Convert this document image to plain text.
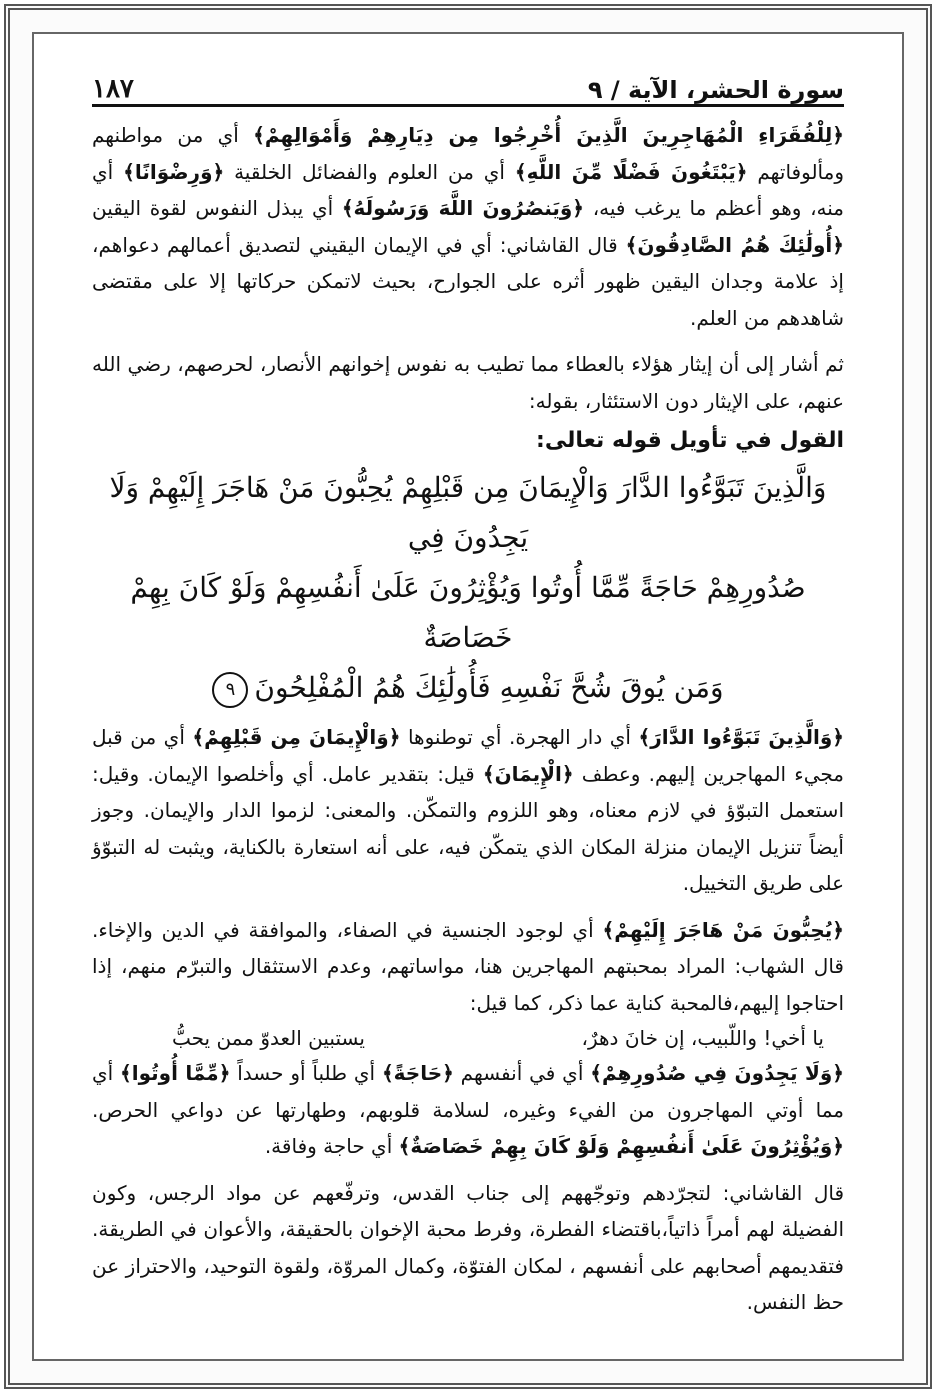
سورة الحشر، الآية / ٩
١٨٧

﴿لِلْفُقَرَاءِ الْمُهَاجِرِينَ الَّذِينَ أُخْرِجُوا مِن دِيَارِهِمْ وَأَمْوَالِهِمْ﴾ أي من مواطنهم ومألوفاتهم ﴿يَبْتَغُونَ فَضْلًا مِّنَ اللَّهِ﴾ أي من العلوم والفضائل الخلقية ﴿وَرِضْوَانًا﴾ أي منه، وهو أعظم ما يرغب فيه، ﴿وَيَنصُرُونَ اللَّهَ وَرَسُولَهُ﴾ أي يبذل النفوس لقوة اليقين ﴿أُولَٰئِكَ هُمُ الصَّادِقُونَ﴾ قال القاشاني: أي في الإيمان اليقيني لتصديق أعمالهم دعواهم، إذ علامة وجدان اليقين ظهور أثره على الجوارح، بحيث لاتمكن حركاتها إلا على مقتضى شاهدهم من العلم.

ثم أشار إلى أن إيثار هؤلاء بالعطاء مما تطيب به نفوس إخوانهم الأنصار، لحرصهم، رضي الله عنهم، على الإيثار دون الاستئثار، بقوله:

القول في تأويل قوله تعالى:
وَالَّذِينَ تَبَوَّءُوا الدَّارَ وَالْإِيمَانَ مِن قَبْلِهِمْ يُحِبُّونَ مَنْ هَاجَرَ إِلَيْهِمْ وَلَا يَجِدُونَ فِي
صُدُورِهِمْ حَاجَةً مِّمَّا أُوتُوا وَيُؤْثِرُونَ عَلَىٰ أَنفُسِهِمْ وَلَوْ كَانَ بِهِمْ خَصَاصَةٌ
وَمَن يُوقَ شُحَّ نَفْسِهِ فَأُولَٰئِكَ هُمُ الْمُفْلِحُونَ٩

﴿وَالَّذِينَ تَبَوَّءُوا الدَّارَ﴾ أي دار الهجرة. أي توطنوها ﴿وَالْإِيمَانَ مِن قَبْلِهِمْ﴾ أي من قبل مجيء المهاجرين إليهم. وعطف ﴿الْإِيمَانَ﴾ قيل: بتقدير عامل. أي وأخلصوا الإيمان. وقيل: استعمل التبوّؤ في لازم معناه، وهو اللزوم والتمكّن. والمعنى: لزموا الدار والإيمان. وجوز أيضاً تنزيل الإيمان منزلة المكان الذي يتمكّن فيه، على أنه استعارة بالكناية، ويثبت له التبوّؤ على طريق التخييل.

﴿يُحِبُّونَ مَنْ هَاجَرَ إِلَيْهِمْ﴾ أي لوجود الجنسية في الصفاء، والموافقة في الدين والإخاء. قال الشهاب: المراد بمحبتهم المهاجرين هنا، مواساتهم، وعدم الاستثقال والتبرّم منهم، إذا احتاجوا إليهم،فالمحبة كناية عما ذكر، كما قيل:

يا أخي! واللّبيب، إن خانَ دهرٌ،
يستبين العدوّ ممن يحبُّ

﴿وَلَا يَجِدُونَ فِي صُدُورِهِمْ﴾ أي في أنفسهم ﴿حَاجَةً﴾ أي طلباً أو حسداً ﴿مِّمَّا أُوتُوا﴾ أي مما أوتي المهاجرون من الفيء وغيره، لسلامة قلوبهم، وطهارتها عن دواعي الحرص. ﴿وَيُؤْثِرُونَ عَلَىٰ أَنفُسِهِمْ وَلَوْ كَانَ بِهِمْ خَصَاصَةٌ﴾ أي حاجة وفاقة.

قال القاشاني: لتجرّدهم وتوجّههم إلى جناب القدس، وترفّعهم عن مواد الرجس، وكون الفضيلة لهم أمراً ذاتياً،باقتضاء الفطرة، وفرط محبة الإخوان بالحقيقة، والأعوان في الطريقة. فتقديمهم أصحابهم على أنفسهم ، لمكان الفتوّة، وكمال المروّة، ولقوة التوحيد، والاحتراز عن حظ النفس.
